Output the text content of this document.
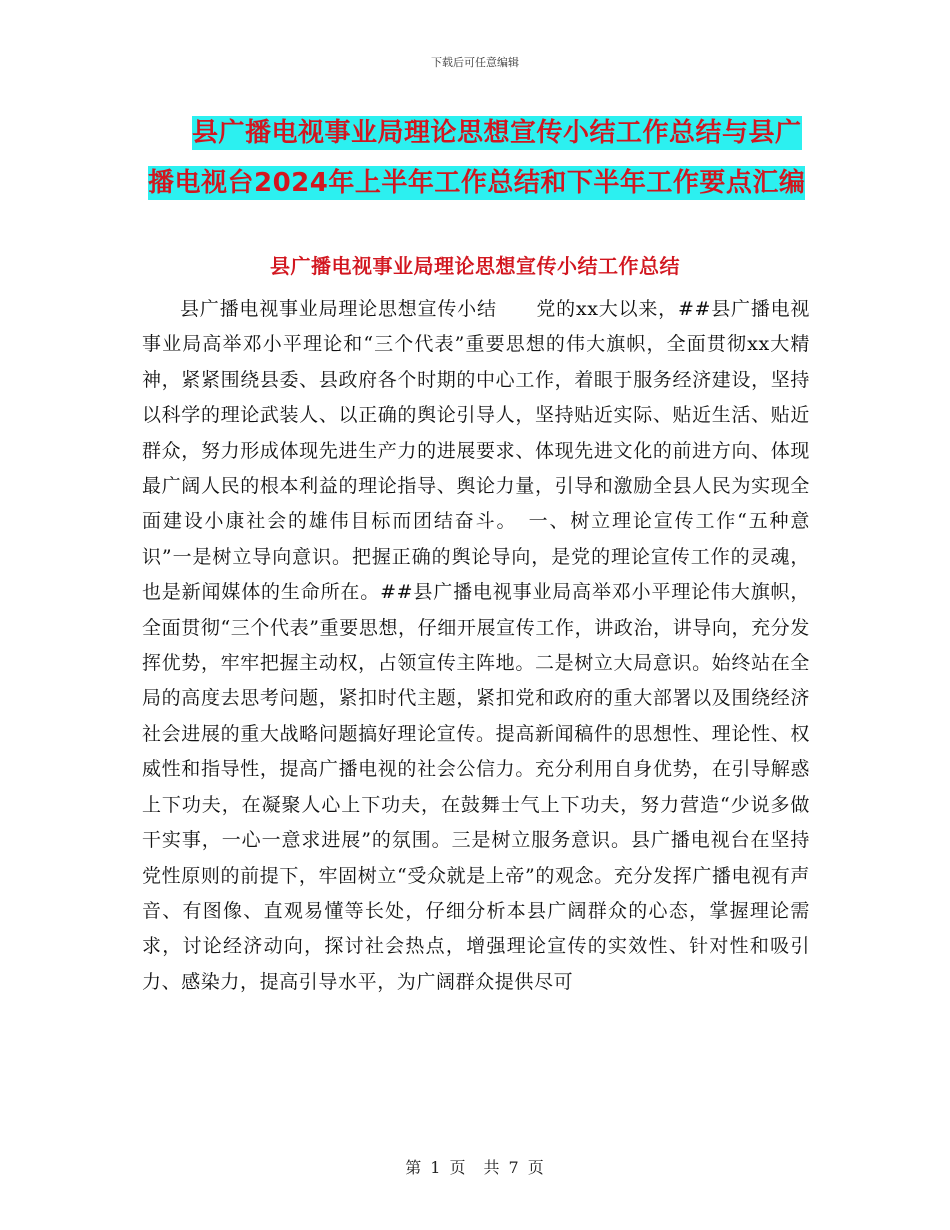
下载后可任意编辑
县广播电视事业局理论思想宣传小结工作总结与县广
播电视台2024年上半年工作总结和下半年工作要点汇编
县广播电视事业局理论思想宣传小结工作总结

县广播电视事业局理论思想宣传小结　　党的xx大以来，##县广播电视事业局高举邓小平理论和“三个代表”重要思想的伟大旗帜，全面贯彻xx大精神，紧紧围绕县委、县政府各个时期的中心工作，着眼于服务经济建设，坚持以科学的理论武装人、以正确的舆论引导人，坚持贴近实际、贴近生活、贴近群众，努力形成体现先进生产力的进展要求、体现先进文化的前进方向、体现最广阔人民的根本利益的理论指导、舆论力量，引导和激励全县人民为实现全面建设小康社会的雄伟目标而团结奋斗。　一、树立理论宣传工作“五种意识”一是树立导向意识。把握正确的舆论导向，是党的理论宣传工作的灵魂，也是新闻媒体的生命所在。##县广播电视事业局高举邓小平理论伟大旗帜，全面贯彻“三个代表”重要思想，仔细开展宣传工作，讲政治，讲导向，充分发挥优势，牢牢把握主动权，占领宣传主阵地。二是树立大局意识。始终站在全局的高度去思考问题，紧扣时代主题，紧扣党和政府的重大部署以及围绕经济社会进展的重大战略问题搞好理论宣传。提高新闻稿件的思想性、理论性、权威性和指导性，提高广播电视的社会公信力。充分利用自身优势，在引导解惑上下功夫，在凝聚人心上下功夫，在鼓舞士气上下功夫，努力营造“少说多做干实事，一心一意求进展”的氛围。三是树立服务意识。县广播电视台在坚持党性原则的前提下，牢固树立“受众就是上帝”的观念。充分发挥广播电视有声音、有图像、直观易懂等长处，仔细分析本县广阔群众的心态，掌握理论需求，讨论经济动向，探讨社会热点，增强理论宣传的实效性、针对性和吸引力、感染力，提高引导水平，为广阔群众提供尽可

第 1 页　共 7 页
